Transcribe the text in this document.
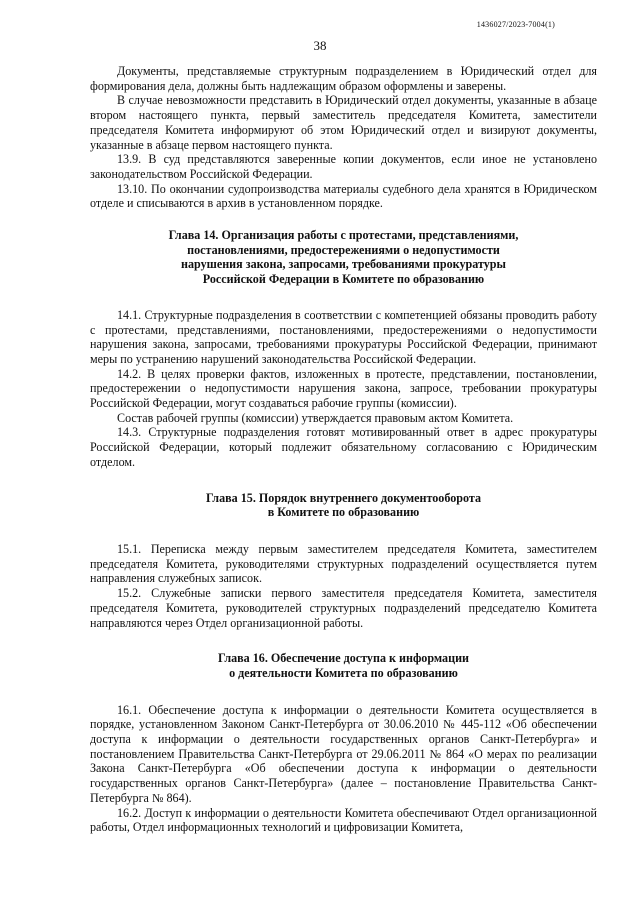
1436027/2023-7004(1)
38

Документы, представляемые структурным подразделением в Юридический отдел для формирования дела, должны быть надлежащим образом оформлены и заверены.

В случае невозможности представить в Юридический отдел документы, указанные в абзаце втором настоящего пункта, первый заместитель председателя Комитета, заместители председателя Комитета информируют об этом Юридический отдел и визируют документы, указанные в абзаце первом настоящего пункта.

13.9. В суд представляются заверенные копии документов, если иное не установлено законодательством Российской Федерации.

13.10. По окончании судопроизводства материалы судебного дела хранятся в Юридическом отделе и списываются в архив в установленном порядке.

Глава 14. Организация работы с протестами, представлениями,
постановлениями, предостережениями о недопустимости
нарушения закона, запросами, требованиями прокуратуры
Российской Федерации в Комитете по образованию

14.1. Структурные подразделения в соответствии с компетенцией обязаны проводить работу с протестами, представлениями, постановлениями, предостережениями о недопустимости нарушения закона, запросами, требованиями прокуратуры Российской Федерации, принимают меры по устранению нарушений законодательства Российской Федерации.

14.2. В целях проверки фактов, изложенных в протесте, представлении, постановлении, предостережении о недопустимости нарушения закона, запросе, требовании прокуратуры Российской Федерации, могут создаваться рабочие группы (комиссии).

Состав рабочей группы (комиссии) утверждается правовым актом Комитета.

14.3. Структурные подразделения готовят мотивированный ответ в адрес прокуратуры Российской Федерации, который подлежит обязательному согласованию с Юридическим отделом.

Глава 15. Порядок внутреннего документооборота
в Комитете по образованию

15.1. Переписка между первым заместителем председателя Комитета, заместителем председателя Комитета, руководителями структурных подразделений осуществляется путем направления служебных записок.

15.2. Служебные записки первого заместителя председателя Комитета, заместителя председателя Комитета, руководителей структурных подразделений председателю Комитета направляются через Отдел организационной работы.

Глава 16. Обеспечение доступа к информации
о деятельности Комитета по образованию

16.1. Обеспечение доступа к информации о деятельности Комитета осуществляется в порядке, установленном Законом Санкт-Петербурга от 30.06.2010 № 445-112 «Об обеспечении доступа к информации о деятельности государственных органов Санкт-Петербурга» и постановлением Правительства Санкт-Петербурга от 29.06.2011 № 864 «О мерах по реализации Закона Санкт-Петербурга «Об обеспечении доступа к информации о деятельности государственных органов Санкт-Петербурга» (далее – постановление Правительства Санкт-Петербурга № 864).

16.2. Доступ к информации о деятельности Комитета обеспечивают Отдел организационной работы, Отдел информационных технологий и цифровизации Комитета,
